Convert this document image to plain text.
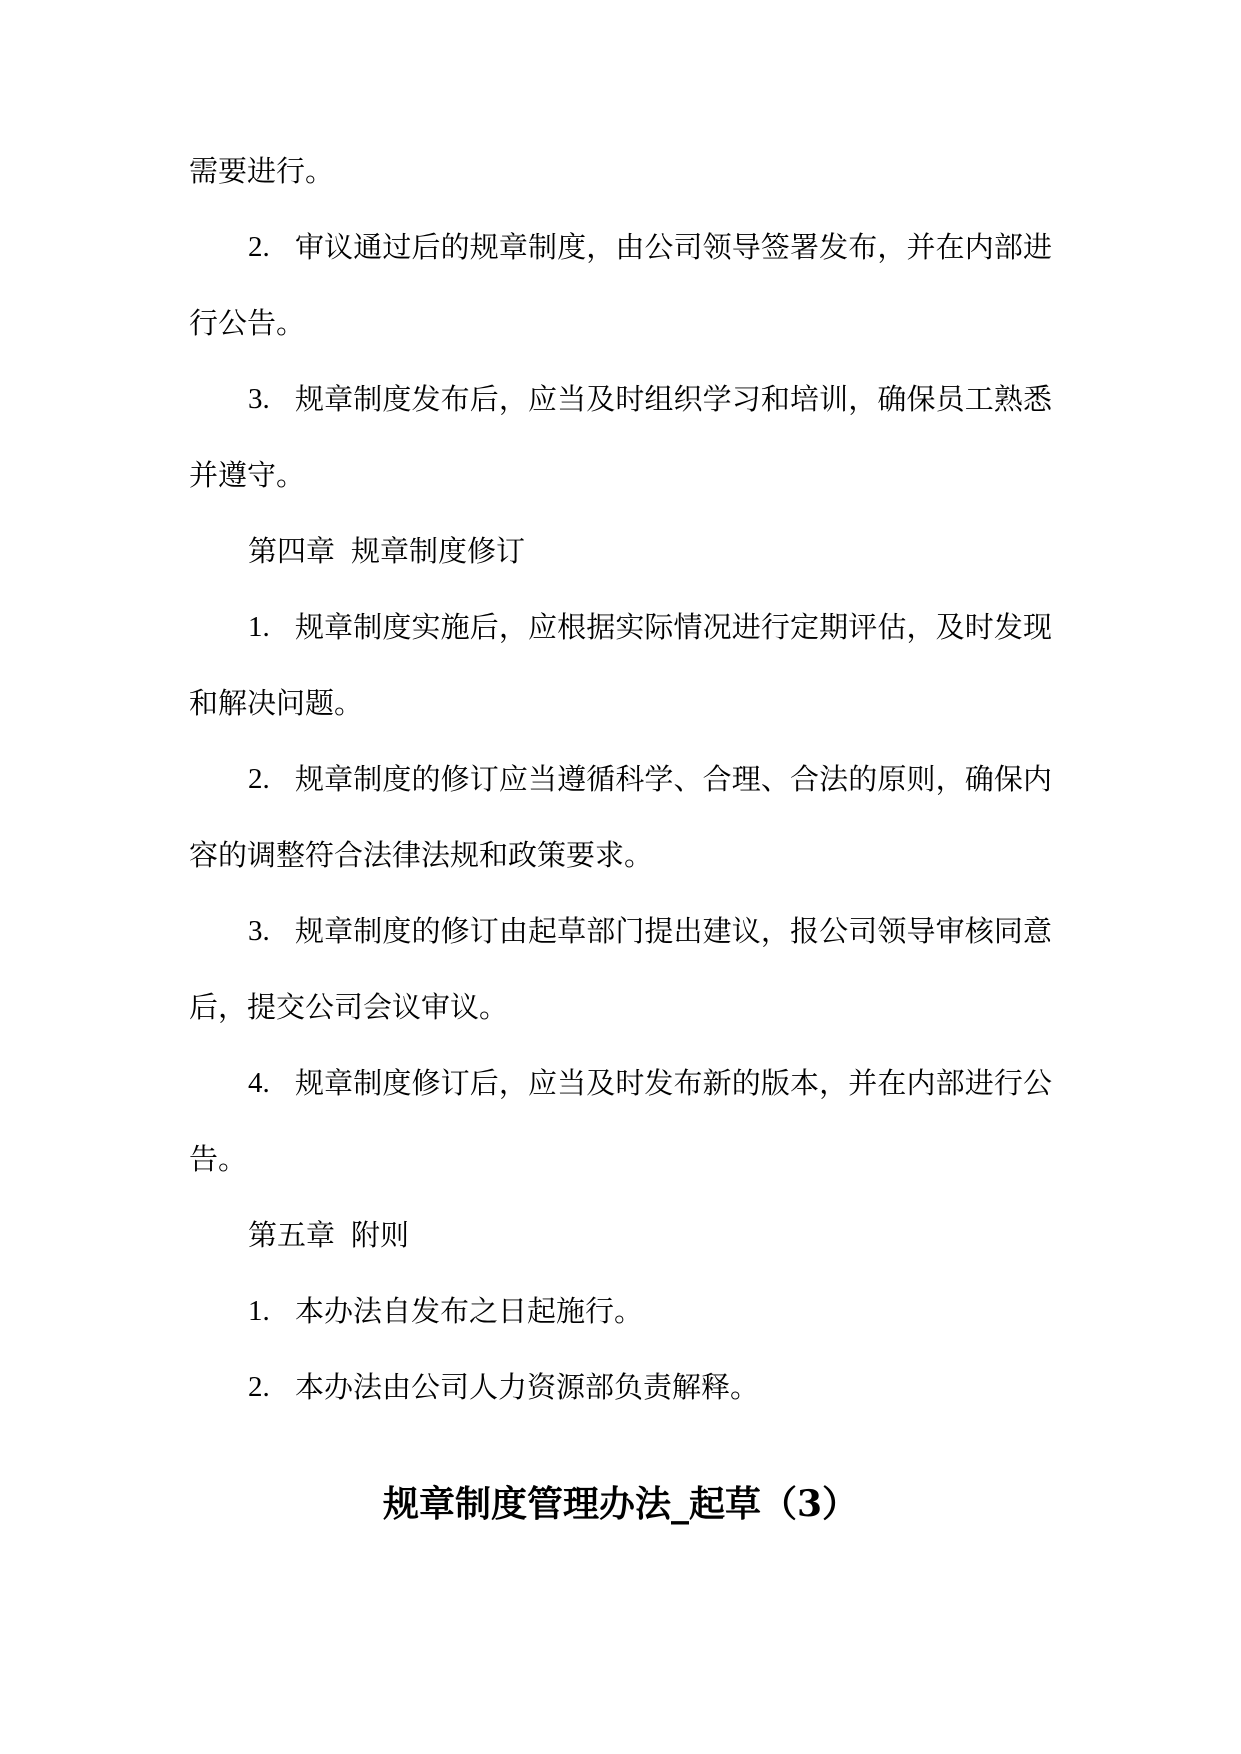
需要进行。
2. 审议通过后的规章制度，由公司领导签署发布，并在内部进
行公告。
3. 规章制度发布后，应当及时组织学习和培训，确保员工熟悉
并遵守。
第四章 规章制度修订
1. 规章制度实施后，应根据实际情况进行定期评估，及时发现
和解决问题。
2. 规章制度的修订应当遵循科学、合理、合法的原则，确保内
容的调整符合法律法规和政策要求。
3. 规章制度的修订由起草部门提出建议，报公司领导审核同意
后，提交公司会议审议。
4. 规章制度修订后，应当及时发布新的版本，并在内部进行公
告。
第五章 附则
1. 本办法自发布之日起施行。
2. 本办法由公司人力资源部负责解释。
规章制度管理办法_起草（3）
